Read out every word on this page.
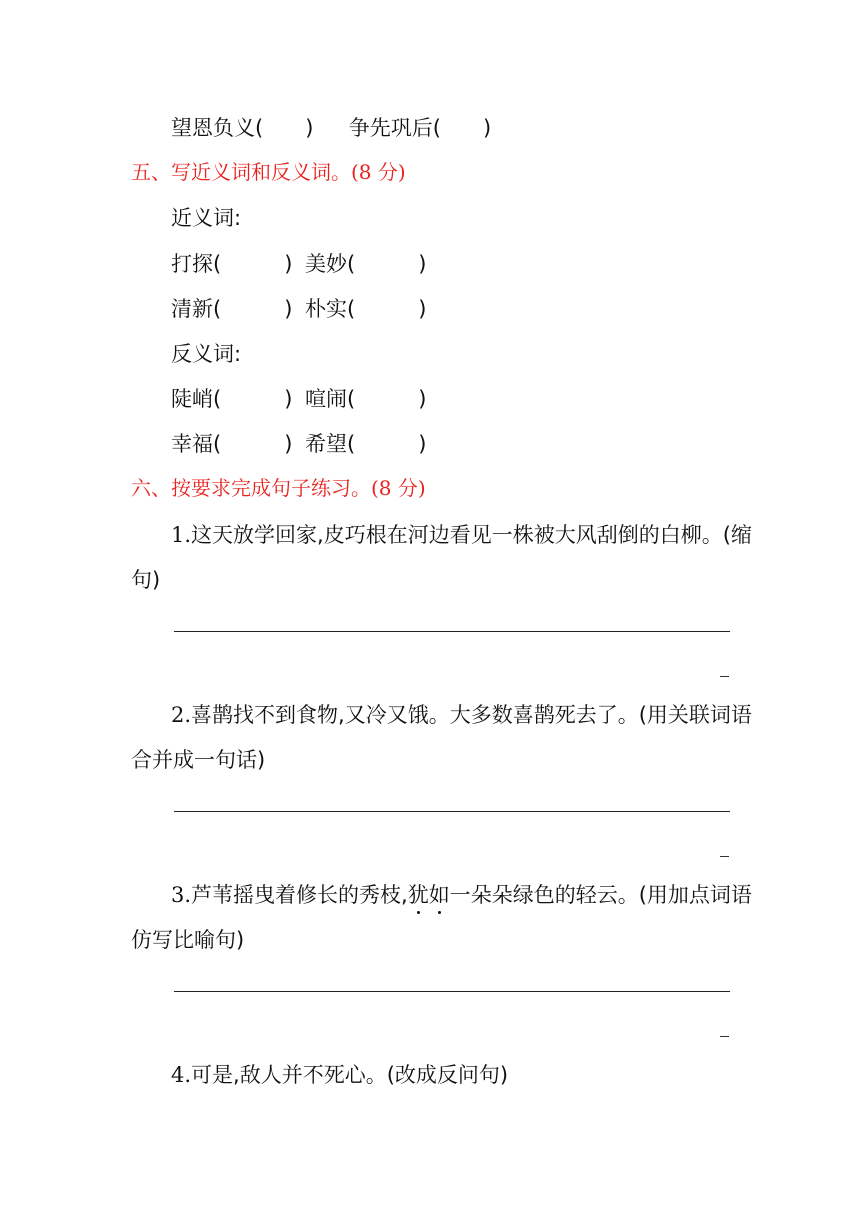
望恩负义(　　) 争先巩后(　　)
五、写近义词和反义词。(8 分)
近义词:
打探(　　　) 美妙(　　　)
清新(　　　) 朴实(　　　)
反义词:
陡峭(　　　) 喧闹(　　　)
幸福(　　　) 希望(　　　)
六、按要求完成句子练习。(8 分)
1.这天放学回家,皮巧根在河边看见一株被大风刮倒的白柳。(缩
句)
2.喜鹊找不到食物,又冷又饿。大多数喜鹊死去了。(用关联词语
合并成一句话)
3.芦苇摇曳着修长的秀枝,犹
如
一朵朵绿色的轻云。(用加点词语
仿写比喻句)
4.可是,敌人并不死心。(改成反问句)
